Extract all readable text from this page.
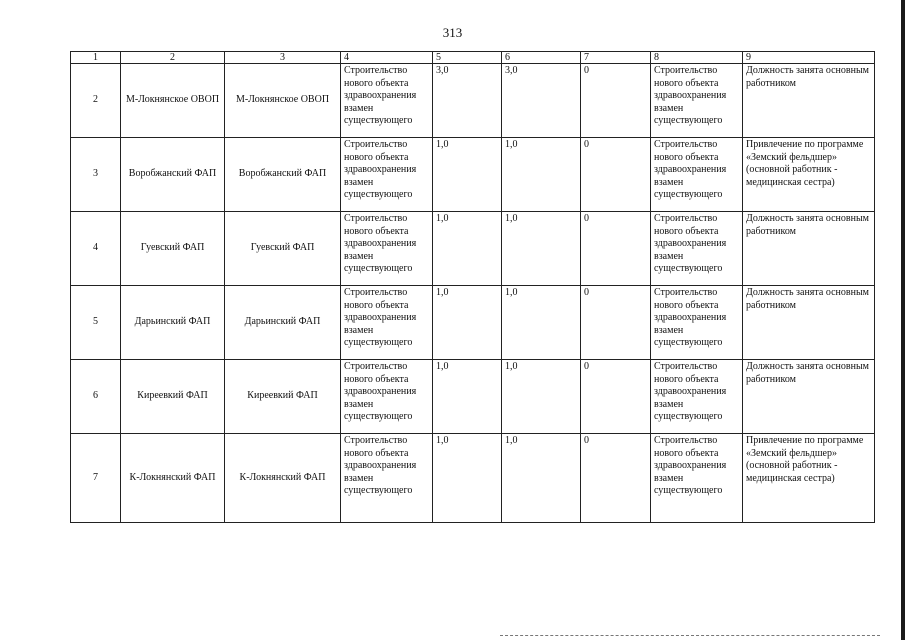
313
1	2	3	4	5	6	7	8	9
2	М-Локнянское ОВОП	М-Локнянское ОВОП	Строительство нового объекта здравоохранения взамен существующего	3,0	3,0	0	Строительство нового объекта здравоохранения взамен существующего	Должность занята основным работником
3	Воробжанский ФАП	Воробжанский ФАП	Строительство нового объекта здравоохранения взамен существующего	1,0	1,0	0	Строительство нового объекта здравоохранения взамен существующего	Привлечение по программе «Земский фельдшер» (основной работник - медицинская сестра)
4	Гуевский ФАП	Гуевский ФАП	Строительство нового объекта здравоохранения взамен существующего	1,0	1,0	0	Строительство нового объекта здравоохранения взамен существующего	Должность занята основным работником
5	Дарьинский ФАП	Дарьинский ФАП	Строительство нового объекта здравоохранения взамен существующего	1,0	1,0	0	Строительство нового объекта здравоохранения взамен существующего	Должность занята основным работником
6	Киреевкий ФАП	Киреевкий ФАП	Строительство нового объекта здравоохранения взамен существующего	1,0	1,0	0	Строительство нового объекта здравоохранения взамен существующего	Должность занята основным работником
7	К-Локнянский ФАП	К-Локнянский ФАП	Строительство нового объекта здравоохранения взамен существующего	1,0	1,0	0	Строительство нового объекта здравоохранения взамен существующего	Привлечение по программе «Земский фельдшер» (основной работник - медицинская сестра)
